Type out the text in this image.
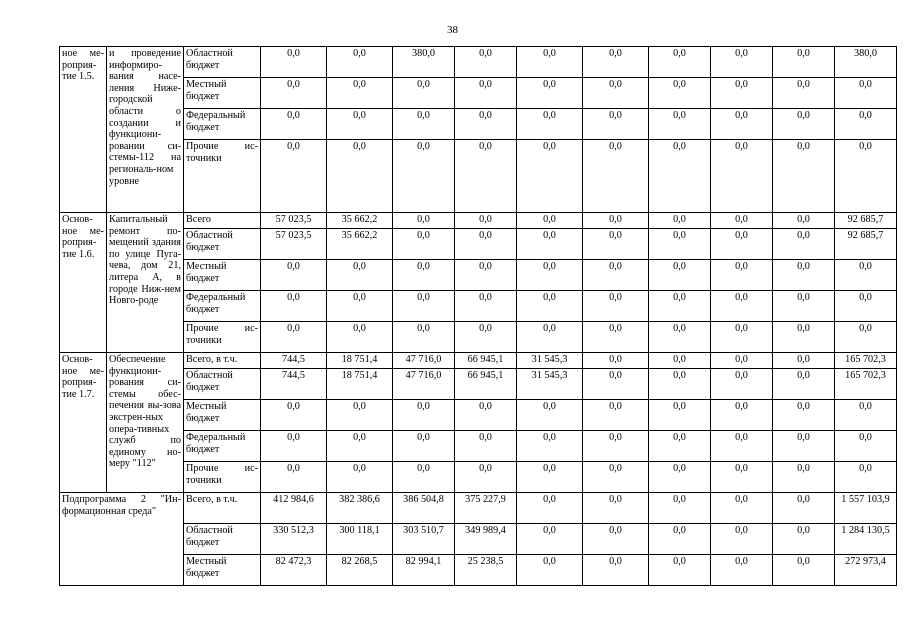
38
ное ме-роприя-тие 1.5.	и проведение информиро-вания насе-ления Ниже-городской области о создании и функциони-ровании си-стемы-112 на региональ-ном уровне	Областной бюджет	0,0	0,0	380,0	0,0	0,0	0,0	0,0	0,0	0,0	380,0
		Местный бюджет	0,0	0,0	0,0	0,0	0,0	0,0	0,0	0,0	0,0	0,0
		Федеральный бюджет	0,0	0,0	0,0	0,0	0,0	0,0	0,0	0,0	0,0	0,0
		Прочие ис-точники	0,0	0,0	0,0	0,0	0,0	0,0	0,0	0,0	0,0	0,0
Основ-ное ме-роприя-тие 1.6.	Капитальный ремонт по-мещений здания по улице Пуга-чева, дом 21, литера А, в городе Ниж-нем Новго-роде	Всего	57 023,5	35 662,2	0,0	0,0	0,0	0,0	0,0	0,0	0,0	92 685,7
		Областной бюджет	57 023,5	35 662,2	0,0	0,0	0,0	0,0	0,0	0,0	0,0	92 685,7
		Местный бюджет	0,0	0,0	0,0	0,0	0,0	0,0	0,0	0,0	0,0	0,0
		Федеральный бюджет	0,0	0,0	0,0	0,0	0,0	0,0	0,0	0,0	0,0	0,0
		Прочие ис-точники	0,0	0,0	0,0	0,0	0,0	0,0	0,0	0,0	0,0	0,0
Основ-ное ме-роприя-тие 1.7.	Обеспечение функциони-рования си-стемы обес-печения вы-зова экстрен-ных опера-тивных служб по единому но-меру "112"	Всего, в т.ч.	744,5	18 751,4	47 716,0	66 945,1	31 545,3	0,0	0,0	0,0	0,0	165 702,3
		Областной бюджет	744,5	18 751,4	47 716,0	66 945,1	31 545,3	0,0	0,0	0,0	0,0	165 702,3
		Местный бюджет	0,0	0,0	0,0	0,0	0,0	0,0	0,0	0,0	0,0	0,0
		Федеральный бюджет	0,0	0,0	0,0	0,0	0,0	0,0	0,0	0,0	0,0	0,0
		Прочие ис-точники	0,0	0,0	0,0	0,0	0,0	0,0	0,0	0,0	0,0	0,0
Подпрограмма 2 "Ин-формационная среда"		Всего, в т.ч.	412 984,6	382 386,6	386 504,8	375 227,9	0,0	0,0	0,0	0,0	0,0	1 557 103,9
		Областной бюджет	330 512,3	300 118,1	303 510,7	349 989,4	0,0	0,0	0,0	0,0	0,0	1 284 130,5
		Местный бюджет	82 472,3	82 268,5	82 994,1	25 238,5	0,0	0,0	0,0	0,0	0,0	272 973,4
